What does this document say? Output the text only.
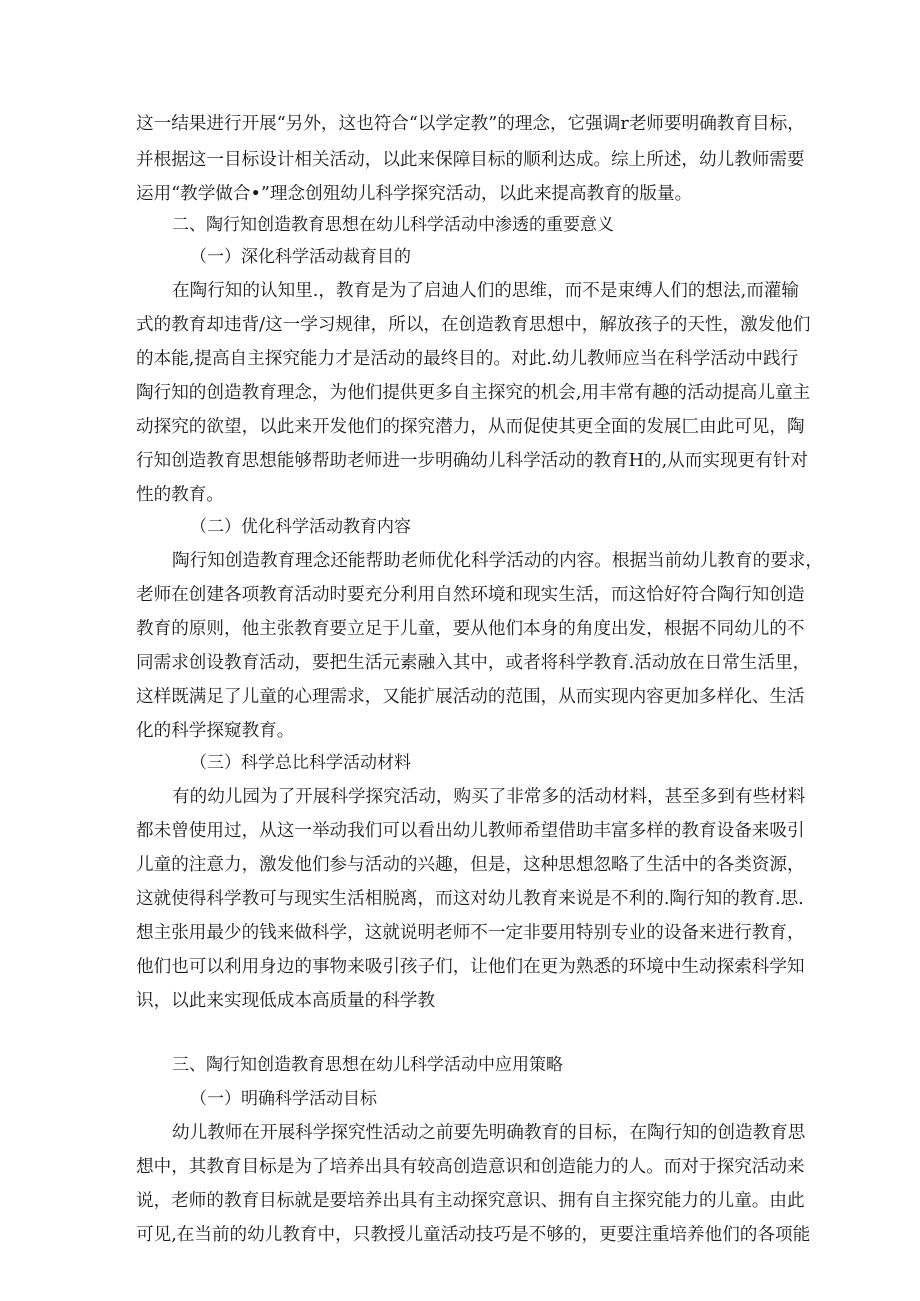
这一结果进行开展“另外，这也符合“以学定教”的理念，它强调r老师要明确教育目标，
并根据这一目标设计相关活动，以此来保障目标的顺利达成。综上所述，幼儿教师需要
运用“教学做合•”理念创殂幼儿科学探究活动，以此来提高教育的版量。
二、陶行知创造教育思想在幼儿科学活动中渗透的重要意义
（一）深化科学活动裁育目的
在陶行知的认知里.，教育是为了启迪人们的思维，而不是束缚人们的想法,而灌输
式的教育却违背/这一学习规律，所以，在创造教育思想中，解放孩子的天性，激发他们
的本能,提高自主探究能力才是活动的最终目的。对此.幼儿教师应当在科学活动中践行
陶行知的创造教育理念，为他们提供更多自主探究的机会,用丰常有趣的活动提高儿童主
动探究的欲望，以此来开发他们的探究潜力，从而促使其更全面的发展匚由此可见，陶
行知创造教育思想能够帮助老师进一步明确幼儿科学活动的教育H的,从而实现更有针对
性的教育。
（二）优化科学活动教育内容
陶行知创造教育理念还能帮助老师优化科学活动的内容。根据当前幼儿教育的要求，
老师在创建各项教育活动时要充分利用自然环境和现实生活，而这恰好符合陶行知创造
教育的原则，他主张教育要立足于儿童，要从他们本身的角度出发，根据不同幼儿的不
同需求创设教育活动，要把生活元素融入其中，或者将科学教育.活动放在日常生活里，
这样既满足了儿童的心理需求，又能扩展活动的范围，从而实现内容更加多样化、生活
化的科学探窥教育。
（三）科学总比科学活动材料
有的幼儿园为了开展科学探究活动，购买了非常多的活动材料，甚至多到有些材料
都未曾使用过，从这一举动我们可以看出幼儿教师希望借助丰富多样的教育设备来吸引
儿童的注意力，激发他们参与活动的兴趣，但是，这种思想忽略了生活中的各类资源，
这就使得科学教可与现实生活相脱离，而这对幼儿教育来说是不利的.陶行知的教育.思.
想主张用最少的钱来做科学，这就说明老师不一定非要用特别专业的设备来进行教育，
他们也可以利用身边的事物来吸引孩子们，让他们在更为熟悉的环境中生动探索科学知
识，以此来实现低成本高质量的科学教
三、陶行知创造教育思想在幼儿科学活动中应用策略
（一）明确科学活动目标
幼儿教师在开展科学探究性活动之前要先明确教育的目标，在陶行知的创造教育思
想中，其教育目标是为了培养出具有较高创造意识和创造能力的人。而对于探究活动来
说，老师的教育目标就是要培养出具有主动探究意识、拥有自主探究能力的儿童。由此
可见,在当前的幼儿教育中，只教授儿童活动技巧是不够的，更要注重培养他们的各项能
